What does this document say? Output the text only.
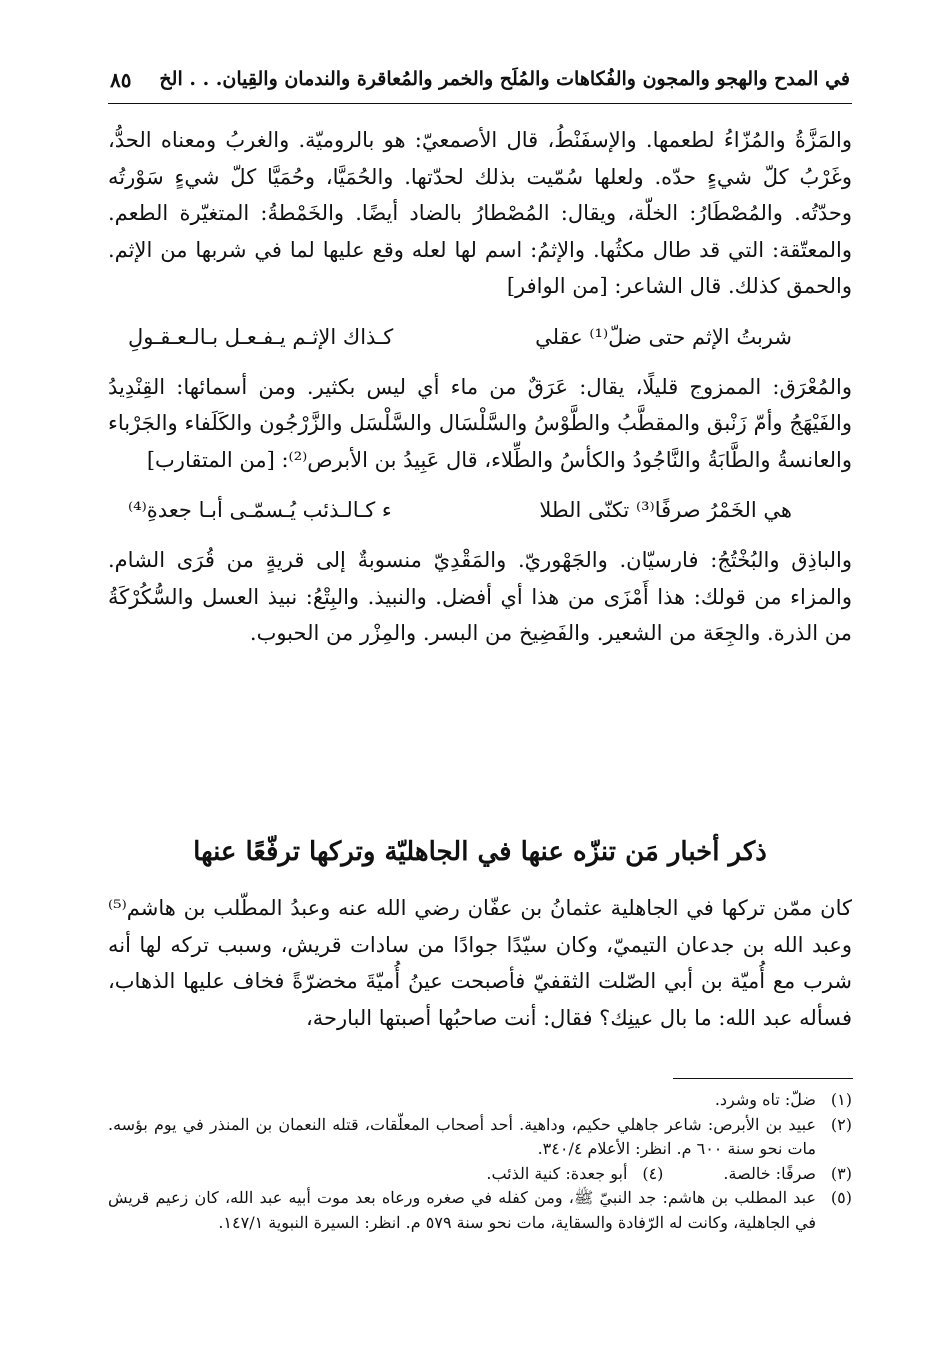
في المدح والهجو والمجون والفُكاهات والمُلَح والخمر والمُعاقرة والندمان والقِيان. . . الخ
٨٥

والمَزَّةُ والمُزّاءُ لطعمها. والإسفَنْطُ، قال الأصمعيّ: هو بالروميّة. والغربُ ومعناه الحدُّ، وغَرْبُ كلّ شيءٍ حدّه. ولعلها سُمّيت بذلك لحدّتها. والحُمَيَّا، وحُمَيَّا كلّ شيءٍ سَوْرتُه وحدّتُه. والمُصْطَارُ: الخلّة، ويقال: المُصْطارُ بالضاد أيضًا. والخَمْطةُ: المتغيّرة الطعم. والمعتّقة: التي قد طال مكثُها. والإثمُ: اسم لها لعله وقع عليها لما في شربها من الإثم. والحمق كذلك. قال الشاعر: [من الوافر]

شربتُ الإثم حتى ضلّ⁽¹⁾ عقلي
كـذاك الإثـم يـفـعـل بـالـعـقـولِ

والمُعْرَق: الممزوج قليلًا، يقال: عَرَقٌ من ماء أي ليس بكثير. ومن أسمائها: القِنْدِيدُ والفَيْهَجُ وأمّ زَنْبق والمقطَّبُ والطَّوْسُ والسَّلْسَال والسَّلْسَل والزَّرْجُون والكَلَفاء والجَرْباء والعانسةُ والطَّابَةُ والنَّاجُودُ والكأسُ والطِّلاء، قال عَبِيدُ بن الأبرص⁽²⁾: [من المتقارب]

هي الخَمْرُ صرفًا⁽³⁾ تكنّى الطلا
ء كـالـذئب يُـسمّـى أبـا جعدةِ⁽⁴⁾

والباذِق والبُخْتُجُ: فارسيّان. والجَهْوريّ. والمَقْدِيّ منسوبةٌ إلى قريةٍ من قُرَى الشام. والمزاء من قولك: هذا أَمْزَى من هذا أي أفضل. والنبيذ. والبِتْعُ: نبيذ العسل والسُّكُرْكَةُ من الذرة. والجِعَة من الشعير. والفَضِيخ من البسر. والمِزْر من الحبوب.

ذكر أخبار مَن تنزّه عنها في الجاهليّة وتركها ترفّعًا عنها

كان ممّن تركها في الجاهلية عثمانُ بن عفّان رضي الله عنه وعبدُ المطّلب بن هاشم⁽⁵⁾ وعبد الله بن جدعان التيميّ، وكان سيّدًا جوادًا من سادات قريش، وسبب تركه لها أنه شرب مع أُميّة بن أبي الصّلت الثقفيّ فأصبحت عينُ أُميّةَ مخضرّةً فخاف عليها الذهاب، فسأله عبد الله: ما بال عينِك؟ فقال: أنت صاحبُها أصبتها البارحة،

(١)
ضلّ: تاه وشرد.
(٢)
عبيد بن الأبرص: شاعر جاهلي حكيم، وداهية. أحد أصحاب المعلّقات، قتله النعمان بن المنذر في يوم بؤسه. مات نحو سنة ٦٠٠ م. انظر: الأعلام ٣٤٠/٤.
(٣)
صرفًا: خالصة.
(٤)
أبو جعدة: كنية الذئب.
(٥)
عبد المطلب بن هاشم: جد النبيّ ﷺ، ومن كفله في صغره ورعاه بعد موت أبيه عبد الله، كان زعيم قريش في الجاهلية، وكانت له الرّفادة والسقاية، مات نحو سنة ٥٧٩ م. انظر: السيرة النبوية ١٤٧/١.
